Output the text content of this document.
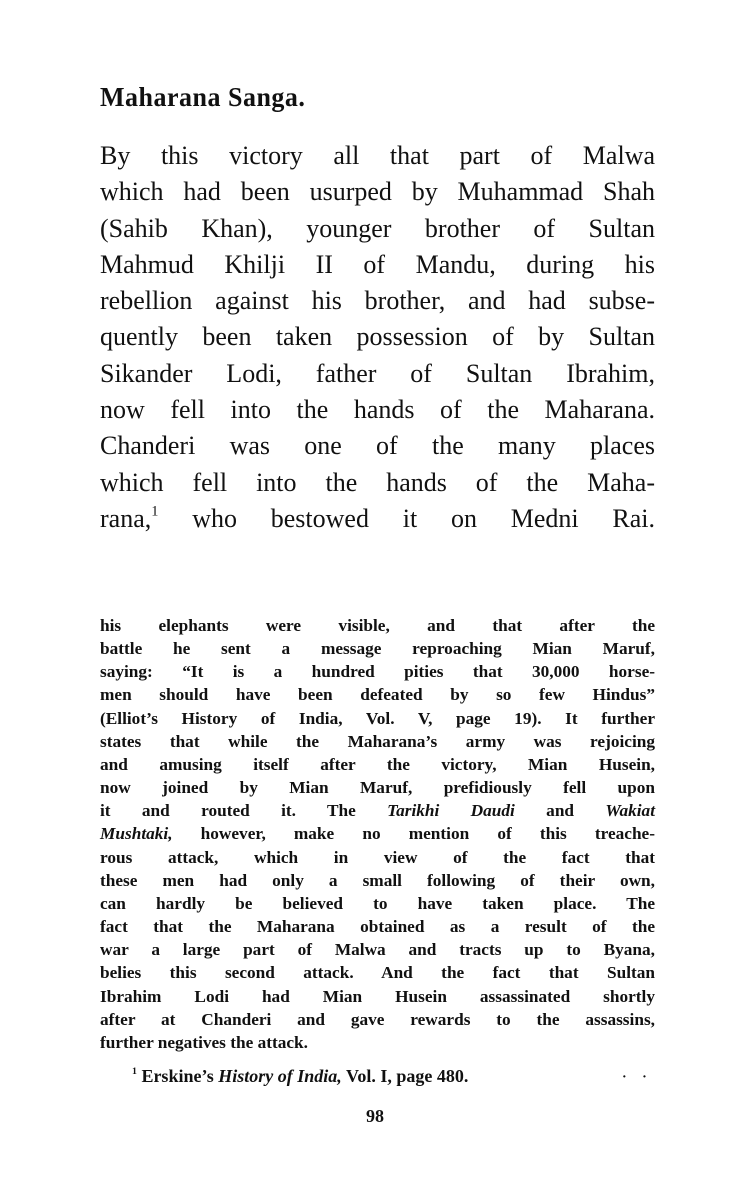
Maharana Sanga.
By this victory all that part of Malwa
which had been usurped by Muhammad Shah
(Sahib Khan), younger brother of Sultan
Mahmud Khilji II of Mandu, during his
rebellion against his brother, and had subse-
quently been taken possession of by Sultan
Sikander Lodi, father of Sultan Ibrahim,
now fell into the hands of the Maharana.
Chanderi was one of the many places
which fell into the hands of the Maha-
rana,$^1$ who bestowed it on Medni Rai.
his elephants were visible, and that after the
battle he sent a message reproaching Mian Maruf,
saying: “It is a hundred pities that 30,000 horse-
men should have been defeated by so few Hindus”
(Elliot’s History of India, Vol. V, page 19). It further
states that while the Maharana’s army was rejoicing
and amusing itself after the victory, Mian Husein,
now joined by Mian Maruf, prefidiously fell upon
it and routed it. The Tarikhi Daudi and Wakiat
Mushtaki, however, make no mention of this treache-
rous attack, which in view of the fact that
these men had only a small following of their own,
can hardly be believed to have taken place. The
fact that the Maharana obtained as a result of the
war a large part of Malwa and tracts up to Byana,
belies this second attack. And the fact that Sultan
Ibrahim Lodi had Mian Husein assassinated shortly
after at Chanderi and gave rewards to the assassins,
further negatives the attack.
$^1$ Erskine’s History of India, Vol. I, page 480.	· ·
98
